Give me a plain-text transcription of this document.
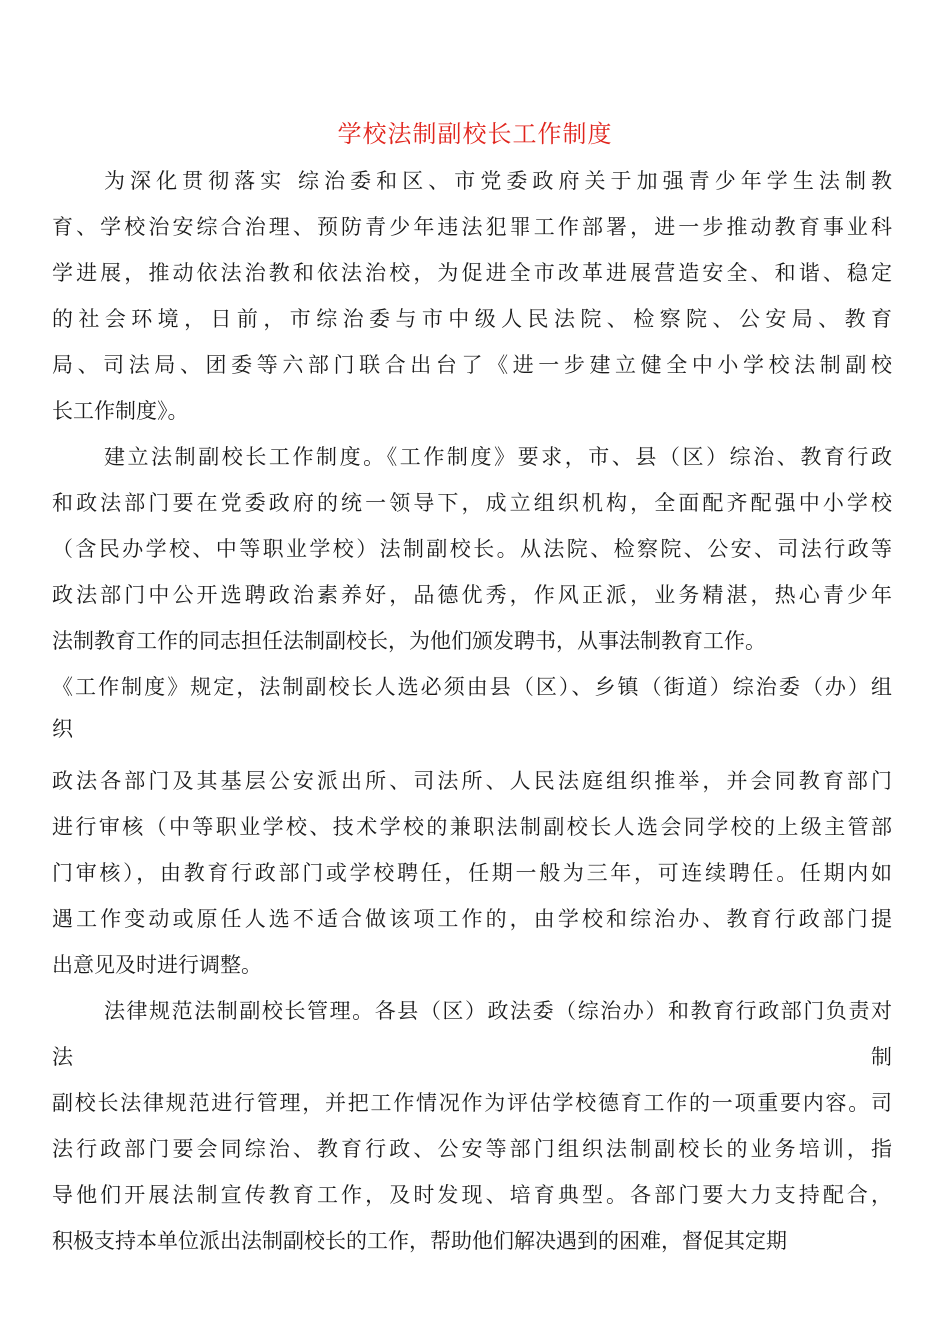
学校法制副校长工作制度
为深化贯彻落实 综治委和区、市党委政府关于加强青少年学生法制教
育、学校治安综合治理、预防青少年违法犯罪工作部署，进一步推动教育事业科
学进展，推动依法治教和依法治校，为促进全市改革进展营造安全、和谐、稳定
的社会环境，日前，市综治委与市中级人民法院、检察院、公安局、教育
局、司法局、团委等六部门联合出台了《进一步建立健全中小学校法制副校
长工作制度》。
建立法制副校长工作制度。《工作制度》要求，市、县（区）综治、教育行政
和政法部门要在党委政府的统一领导下，成立组织机构，全面配齐配强中小学校
（含民办学校、中等职业学校）法制副校长。从法院、检察院、公安、司法行政等
政法部门中公开选聘政治素养好，品德优秀，作风正派，业务精湛，热心青少年
法制教育工作的同志担任法制副校长，为他们颁发聘书，从事法制教育工作。
《工作制度》规定，法制副校长人选必须由县（区）、乡镇（街道）综治委（办）组
织
政法各部门及其基层公安派出所、司法所、人民法庭组织推举，并会同教育部门
进行审核（中等职业学校、技术学校的兼职法制副校长人选会同学校的上级主管部
门审核），由教育行政部门或学校聘任，任期一般为三年，可连续聘任。任期内如
遇工作变动或原任人选不适合做该项工作的，由学校和综治办、教育行政部门提
出意见及时进行调整。
法律规范法制副校长管理。各县（区）政法委（综治办）和教育行政部门负责对
法	制
副校长法律规范进行管理，并把工作情况作为评估学校德育工作的一项重要内容。司
法行政部门要会同综治、教育行政、公安等部门组织法制副校长的业务培训，指
导他们开展法制宣传教育工作，及时发现、培育典型。各部门要大力支持配合，
积极支持本单位派出法制副校长的工作，帮助他们解决遇到的困难，督促其定期
